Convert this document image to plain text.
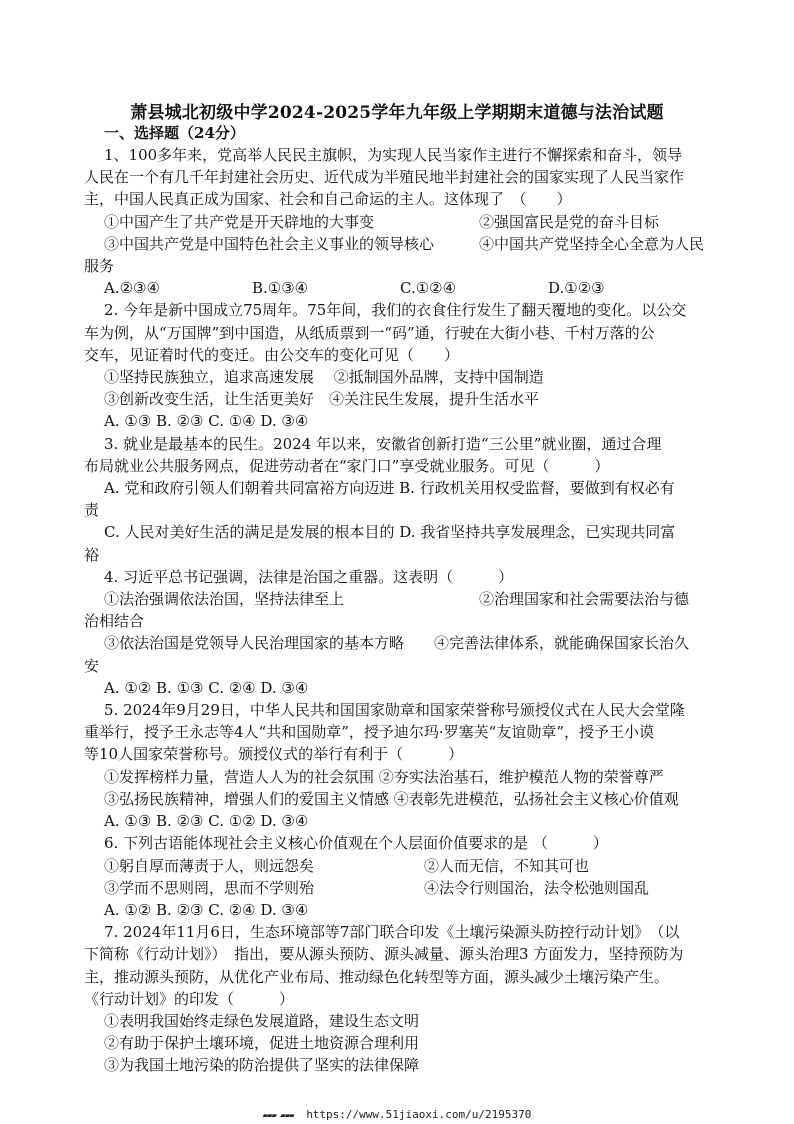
萧县城北初级中学2024-2025学年九年级上学期期末道德与法治试题
一、选择题（24分）

1、100多年来，党高举人民民主旗帜，为实现人民当家作主进行不懈探索和奋斗，领导

人民在一个有几千年封建社会历史、近代成为半殖民地半封建社会的国家实现了人民当家作

主，中国人民真正成为国家、社会和自己命运的主人。这体现了　（　　）

①中国产生了共产党是开天辟地的大事变	②强国富民是党的奋斗目标
③中国共产党是中国特色社会主义事业的领导核心	④中国共产党坚持全心全意为人民

服务

A.②③④	B.①③④	C.①②④	D.①②③

2. 今年是新中国成立75周年。75年间，我们的衣食住行发生了翻天覆地的变化。以公交

车为例，从“万国牌”到中国造，从纸质票到一“码”通，行驶在大街小巷、千村万落的公

交车，见证着时代的变迁。由公交车的变化可见（　　）

①坚持民族独立，追求高速发展　 ②抵制国外品牌，支持中国制造

③创新改变生活，让生活更美好　④关注民生发展，提升生活水平

A. ①③ B. ②③ C. ①④ D. ③④

3. 就业是最基本的民生。2024 年以来，安徽省创新打造“三公里”就业圈，通过合理

布局就业公共服务网点，促进劳动者在“家门口”享受就业服务。可见（　　　）

A. 党和政府引领人们朝着共同富裕方向迈进 B. 行政机关用权受监督，要做到有权必有

责

C. 人民对美好生活的满足是发展的根本目的 D. 我省坚持共享发展理念，已实现共同富

裕

4. 习近平总书记强调，法律是治国之重器。这表明（　　　）

①法治强调依法治国，坚持法律至上	②治理国家和社会需要法治与德

治相结合

③依法治国是党领导人民治理国家的基本方略　　④完善法律体系，就能确保国家长治久

安

A. ①② B. ①③ C. ②④ D. ③④

5. 2024年9月29日，中华人民共和国国家勋章和国家荣誉称号颁授仪式在人民大会堂隆

重举行，授予王永志等4人“共和国勋章”，授予迪尔玛·罗塞芙“友谊勋章”，授予王小谟

等10人国家荣誉称号。颁授仪式的举行有利于（　　　）

①发挥榜样力量，营造人人为的社会氛围 ②夯实法治基石，维护模范人物的荣誉尊严

③弘扬民族精神，增强人们的爱国主义情感 ④表彰先进模范，弘扬社会主义核心价值观

A. ①③ B. ②③ C. ①② D. ③④

6. 下列古语能体现社会主义核心价值观在个人层面价值要求的是 （　　　）

①躬自厚而薄责于人，则远怨矣	②人而无信，不知其可也
③学而不思则罔，思而不学则殆	④法令行则国治，法令松弛则国乱

A. ①② B. ②③ C. ②④ D. ③④

7. 2024年11月6日，生态环境部等7部门联合印发《土壤污染源头防控行动计划》　（以

下简称《行动计划》）　指出，要从源头预防、源头减量、源头治理3 方面发力，坚持预防为

主，推动源头预防，从优化产业布局、推动绿色化转型等方面，源头减少土壤污染产生。

《行动计划》的印发（　　　）

①表明我国始终走绿色发展道路，建设生态文明

②有助于保护土壤环境，促进土地资源合理利用

③为我国土地污染的防治提供了坚实的法律保障

▰▰▰ ▰▰▰ https://www.51jiaoxi.com/u/2195370
